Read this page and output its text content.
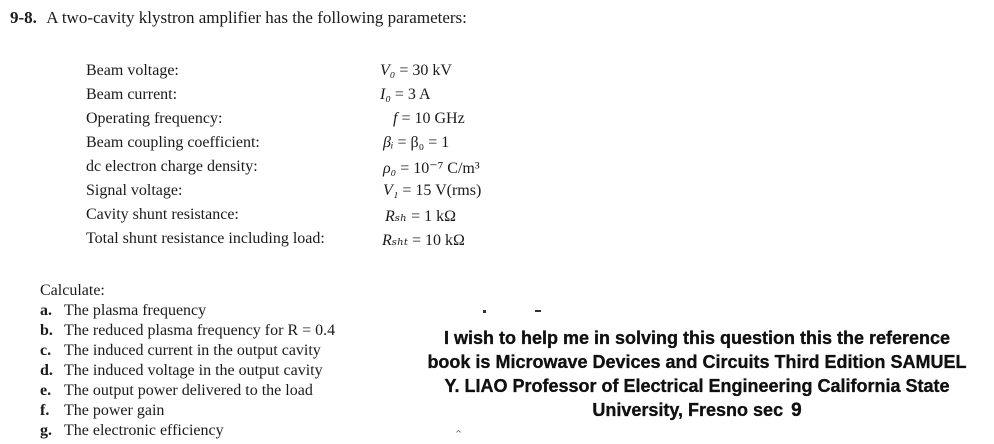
9-8. A two-cavity klystron amplifier has the following parameters:
Beam voltage:	V₀ = 30 kV
Beam current:	I₀ = 3 A
Operating frequency:	f = 10 GHz
Beam coupling coefficient:	βᵢ = β₀ = 1
dc electron charge density:	ρ₀ = 10⁻⁷ C/m³
Signal voltage:	V₁ = 15 V(rms)
Cavity shunt resistance:	Rₛₕ = 1 kΩ
Total shunt resistance including load:	Rₛₕₜ = 10 kΩ
Calculate:
a. The plasma frequency
b. The reduced plasma frequency for R = 0.4
c. The induced current in the output cavity
d. The induced voltage in the output cavity
e. The output power delivered to the load
f. The power gain
g. The electronic efficiency
I wish to help me in solving this question this the reference
book is Microwave Devices and Circuits Third Edition SAMUEL
Y. LIAO Professor of Electrical Engineering California State
University, Fresno sec 9
⌃
